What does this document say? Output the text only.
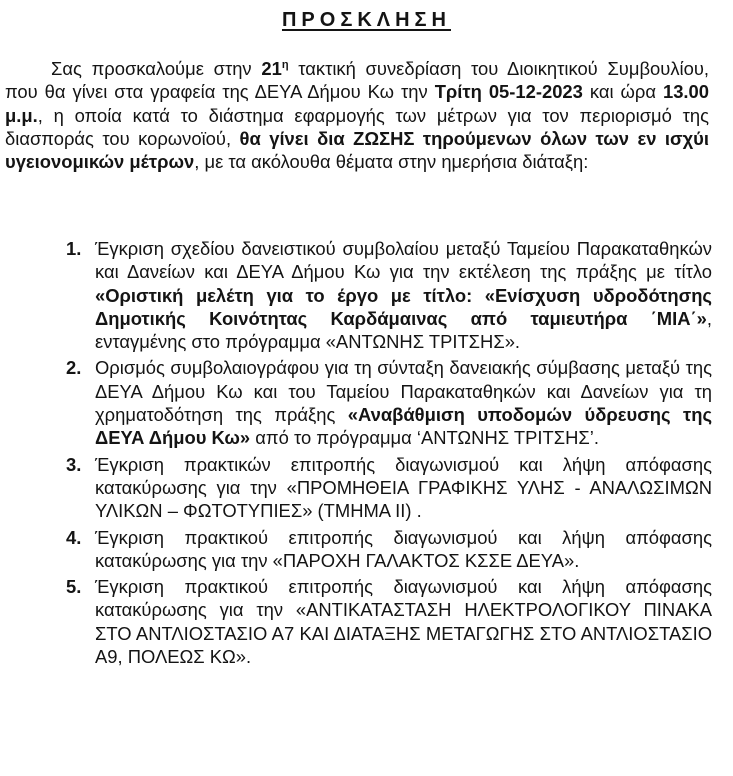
ΠΡΟΣΚΛΗΣΗ

Σας προσκαλούμε στην $21^\eta$ τακτική συνεδρίαση του Διοικητικού Συμβουλίου, που θα γίνει στα γραφεία της ΔΕΥΑ Δήμου Κω την Τρίτη 05-12-2023 και ώρα 13.00 μ.μ., η οποία κατά το διάστημα εφαρμογής των μέτρων για τον περιορισμό της διασποράς του κορωνοϊού, θα γίνει δια ΖΩΣΗΣ τηρούμενων όλων των εν ισχύι υγειονομικών μέτρων, με τα ακόλουθα θέματα στην ημερήσια διάταξη:

1. Έγκριση σχεδίου δανειστικού συμβολαίου μεταξύ Ταμείου Παρακαταθηκών και Δανείων και ΔΕΥΑ Δήμου Κω για την εκτέλεση της πράξης με τίτλο «Οριστική μελέτη για το έργο με τίτλο: «Ενίσχυση υδροδότησης Δημοτικής Κοινότητας Καρδάμαινας από ταμιευτήρα ΄ΜΙΑ΄», ενταγμένης στο πρόγραμμα «ΑΝΤΩΝΗΣ ΤΡΙΤΣΗΣ».
2. Ορισμός συμβολαιογράφου για τη σύνταξη δανειακής σύμβασης μεταξύ της ΔΕΥΑ Δήμου Κω και του Ταμείου Παρακαταθηκών και Δανείων για τη χρηματοδότηση της πράξης «Αναβάθμιση υποδομών ύδρευσης της ΔΕΥΑ Δήμου Κω» από το πρόγραμμα ‘ΑΝΤΩΝΗΣ ΤΡΙΤΣΗΣ’.
3. Έγκριση πρακτικών επιτροπής διαγωνισμού και λήψη απόφασης κατακύρωσης για την «ΠΡΟΜΗΘΕΙΑ ΓΡΑΦΙΚΗΣ ΥΛΗΣ - ΑΝΑΛΩΣΙΜΩΝ ΥΛΙΚΩΝ – ΦΩΤΟΤΥΠΙΕΣ» (ΤΜΗΜΑ ΙΙ) .
4. Έγκριση πρακτικού επιτροπής διαγωνισμού και λήψη απόφασης κατακύρωσης για την «ΠΑΡΟΧΗ ΓΑΛΑΚΤΟΣ ΚΣΣΕ ΔΕΥΑ».
5. Έγκριση πρακτικού επιτροπής διαγωνισμού και λήψη απόφασης κατακύρωσης για την «ΑΝΤΙΚΑΤΑΣΤΑΣΗ ΗΛΕΚΤΡΟΛΟΓΙΚΟΥ ΠΙΝΑΚΑ ΣΤΟ ΑΝΤΛΙΟΣΤΑΣΙΟ Α7 ΚΑΙ ΔΙΑΤΑΞΗΣ ΜΕΤΑΓΩΓΗΣ ΣΤΟ ΑΝΤΛΙΟΣΤΑΣΙΟ Α9, ΠΟΛΕΩΣ ΚΩ».
